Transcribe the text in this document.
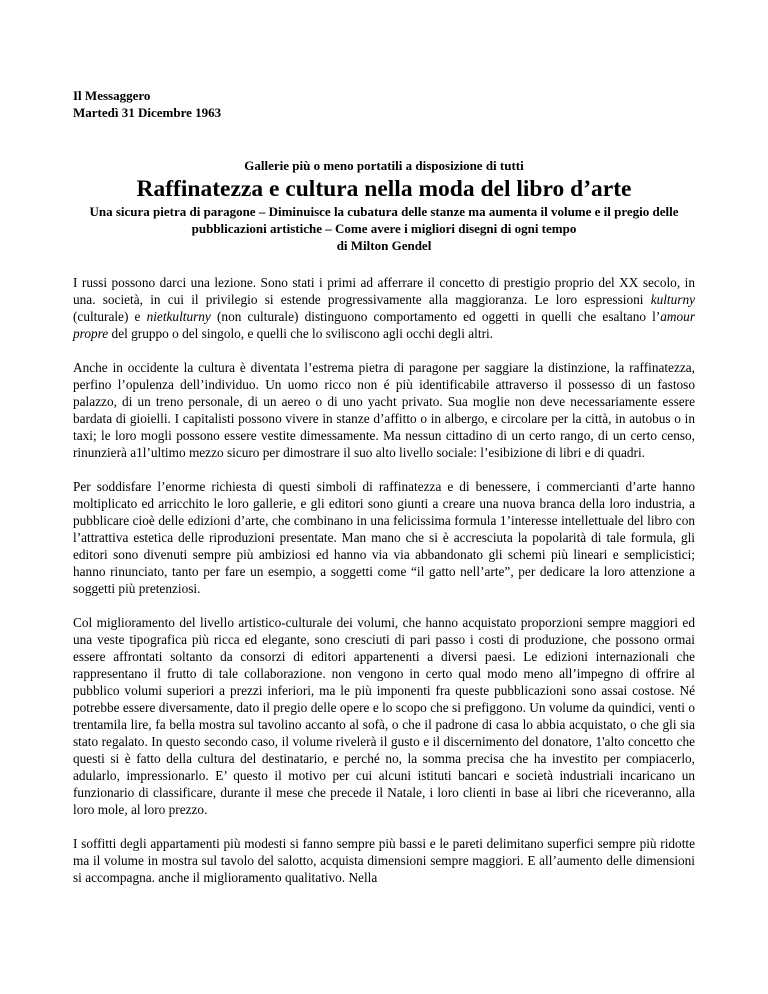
Il Messaggero
Martedì 31 Dicembre 1963
Gallerie più o meno portatili a disposizione di tutti
Raffinatezza e cultura nella moda del libro d’arte
Una sicura pietra di paragone – Diminuisce la cubatura delle stanze ma aumenta il volume e il pregio delle pubblicazioni artistiche – Come avere i migliori disegni di ogni tempo
di Milton Gendel

I russi possono darci una lezione. Sono stati i primi ad afferrare il concetto di prestigio proprio del XX secolo, in una. società, in cui il privilegio si estende progressivamente alla maggioranza. Le loro espressioni kulturny (culturale) e nietkulturny (non culturale) distinguono comportamento ed oggetti in quelli che esaltano l’amour propre del gruppo o del singolo, e quelli che lo sviliscono agli occhi degli altri.

Anche in occidente la cultura è diventata l’estrema pietra di paragone per saggiare la distinzione, la raffinatezza, perfino l’opulenza dell’individuo. Un uomo ricco non é più identificabile attraverso il possesso di un fastoso palazzo, di un treno personale, di un aereo o di uno yacht privato. Sua moglie non deve necessariamente essere bardata di gioielli. I capitalisti possono vivere in stanze d’affitto o in albergo, e circolare per la città, in autobus o in taxi; le loro mogli possono essere vestite dimessamente. Ma nessun cittadino di un certo rango, di un certo censo, rinunzierà a1l’ultimo mezzo sicuro per dimostrare il suo alto livello sociale: l’esibizione di libri e di quadri.

Per soddisfare l’enorme richiesta di questi simboli di raffinatezza e di benessere, i commercianti d’arte hanno moltiplicato ed arricchito le loro gallerie, e gli editori sono giunti a creare una nuova branca della loro industria, a pubblicare cioè delle edizioni d’arte, che combinano in una felicissima formula 1’interesse intellettuale del libro con l’attrattiva estetica delle riproduzioni presentate. Man mano che si è accresciuta la popolarità di tale formula, gli editori sono divenuti sempre più ambiziosi ed hanno via via abbandonato gli schemi più lineari e semplicistici; hanno rinunciato, tanto per fare un esempio, a soggetti come “il gatto nell’arte”, per dedicare la loro attenzione a soggetti più pretenziosi.

Col miglioramento del livello artistico-culturale dei volumi, che hanno acquistato proporzioni sempre maggiori ed una veste tipografica più ricca ed elegante, sono cresciuti di pari passo i costi di produzione, che possono ormai essere affrontati soltanto da consorzi di editori appartenenti a diversi paesi. Le edizioni internazionali che rappresentano il frutto di tale collaborazione. non vengono in certo qual modo meno all’impegno di offrire al pubblico volumi superiori a prezzi inferiori, ma le più imponenti fra queste pubblicazioni sono assai costose. Né potrebbe essere diversamente, dato il pregio delle opere e lo scopo che si prefiggono. Un volume da quindici, venti o trentamila lire, fa bella mostra sul tavolino accanto al sofà, o che il padrone di casa lo abbia acquistato, o che gli sia stato regalato. In questo secondo caso, il volume rivelerà il gusto e il discernimento del donatore, 1'alto concetto che questi si è fatto della cultura del destinatario, e perché no, la somma precisa che ha investito per compiacerlo, adularlo, impressionarlo. E’ questo il motivo per cui alcuni istituti bancari e società industriali incaricano un funzionario di classificare, durante il mese che precede il Natale, i loro clienti in base ai libri che riceveranno, alla loro mole, al loro prezzo.

I soffitti degli appartamenti più modesti si fanno sempre più bassi e le pareti delimitano superfici sempre più ridotte ma il volume in mostra sul tavolo del salotto, acquista dimensioni sempre maggiori. E all’aumento delle dimensioni si accompagna. anche il miglioramento qualitativo. Nella
